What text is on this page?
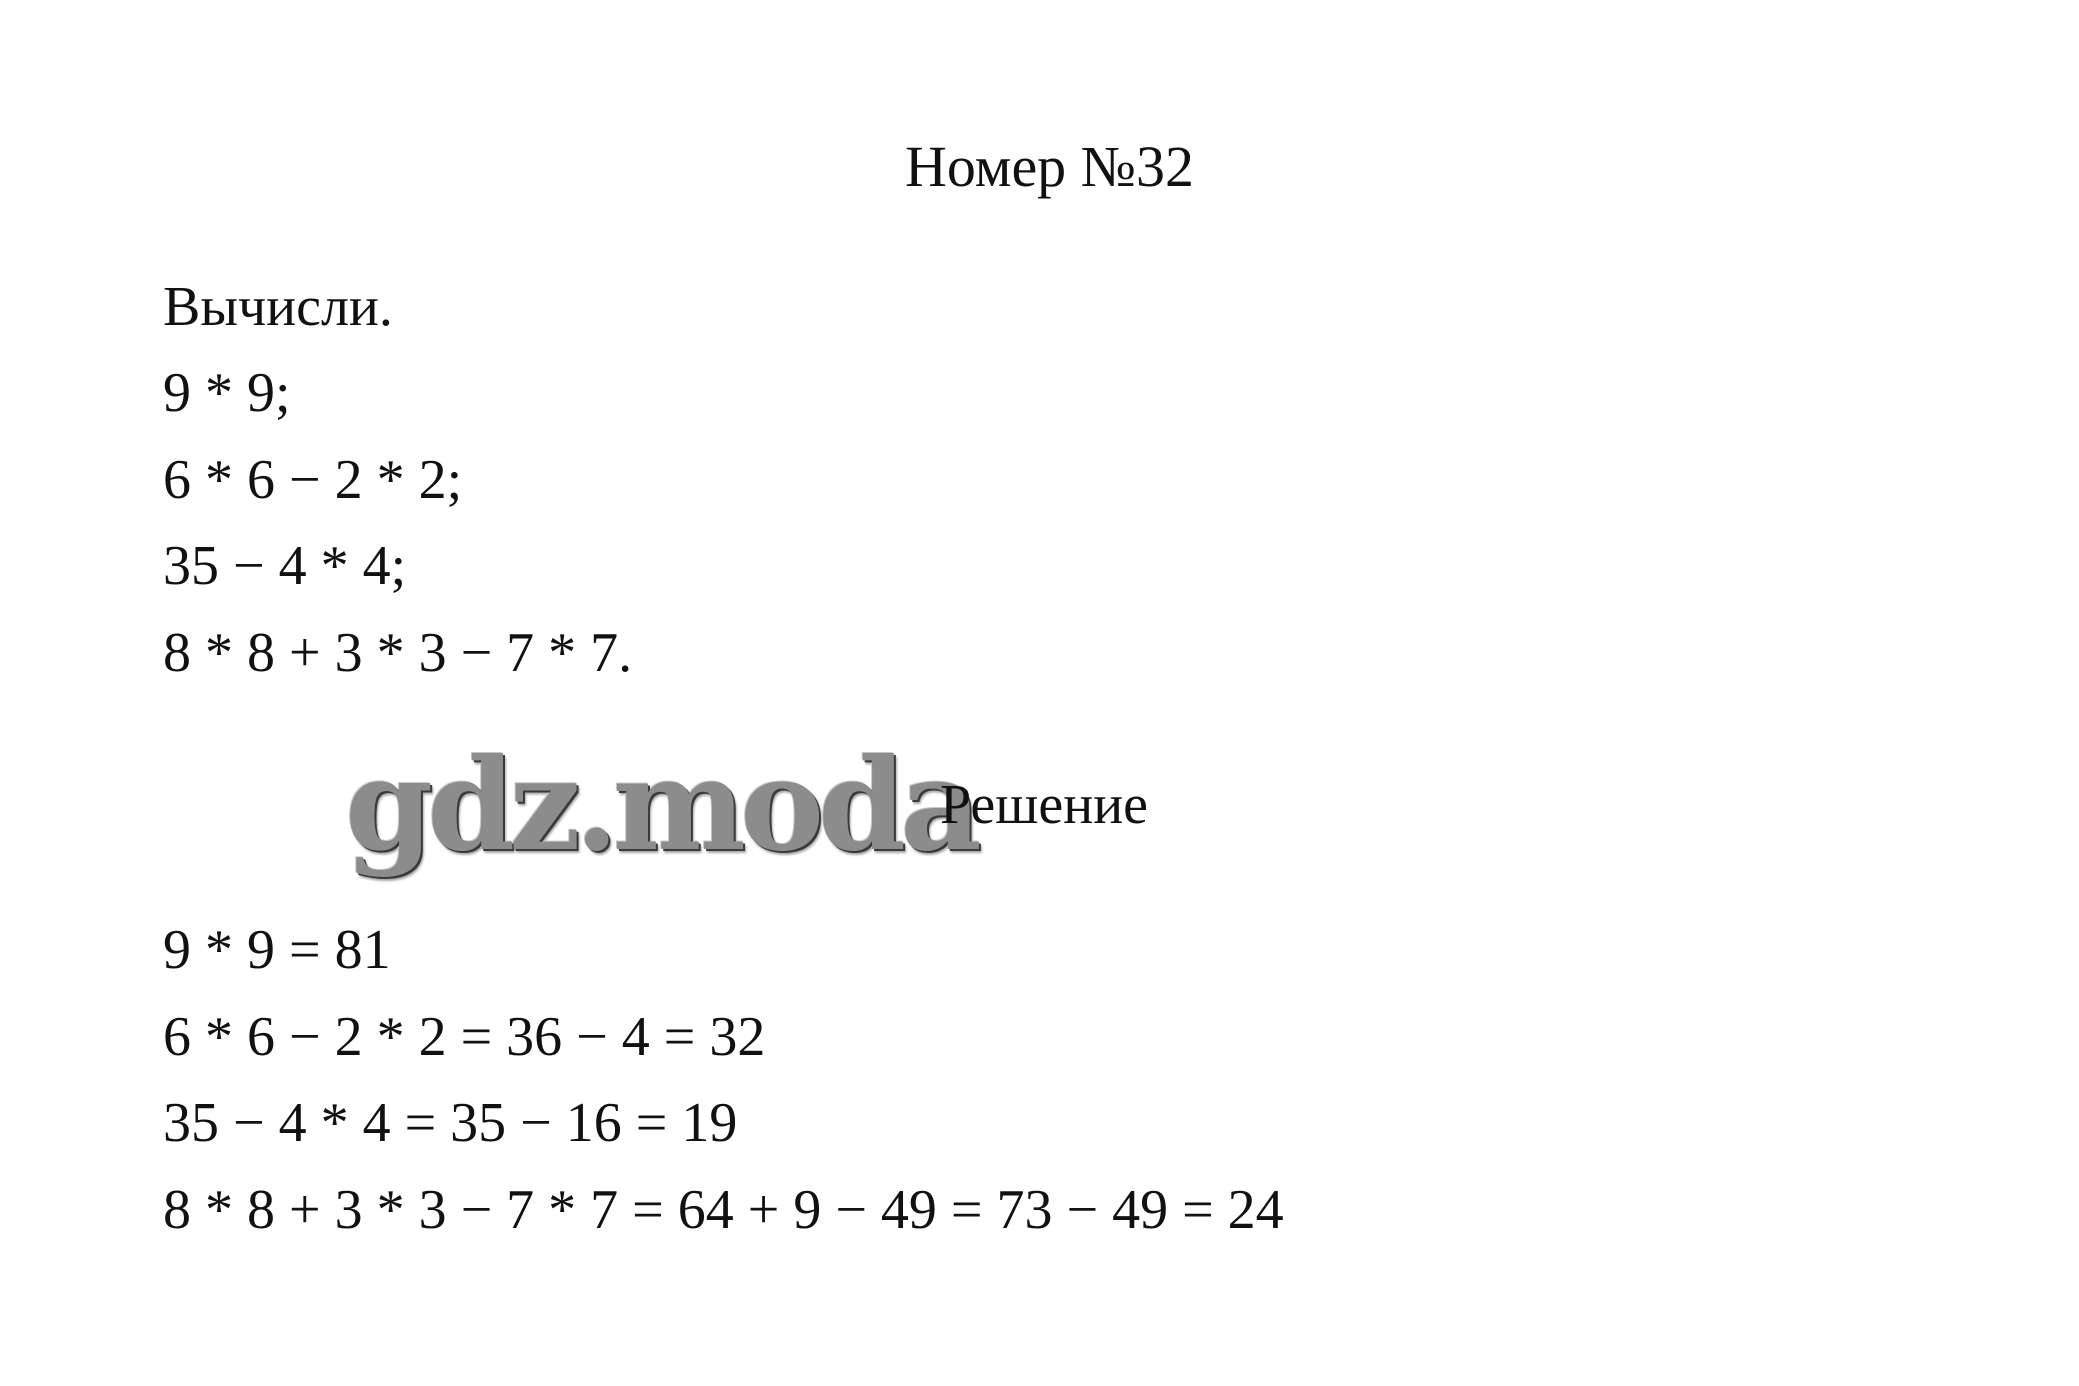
Номер №32
Вычисли.
9 * 9;
6 * 6 − 2 * 2;
35 − 4 * 4;
8 * 8 + 3 * 3 − 7 * 7.
gdz.moda
Решение
9 * 9 = 81
6 * 6 − 2 * 2 = 36 − 4 = 32
35 − 4 * 4 = 35 − 16 = 19
8 * 8 + 3 * 3 − 7 * 7 = 64 + 9 − 49 = 73 − 49 = 24
